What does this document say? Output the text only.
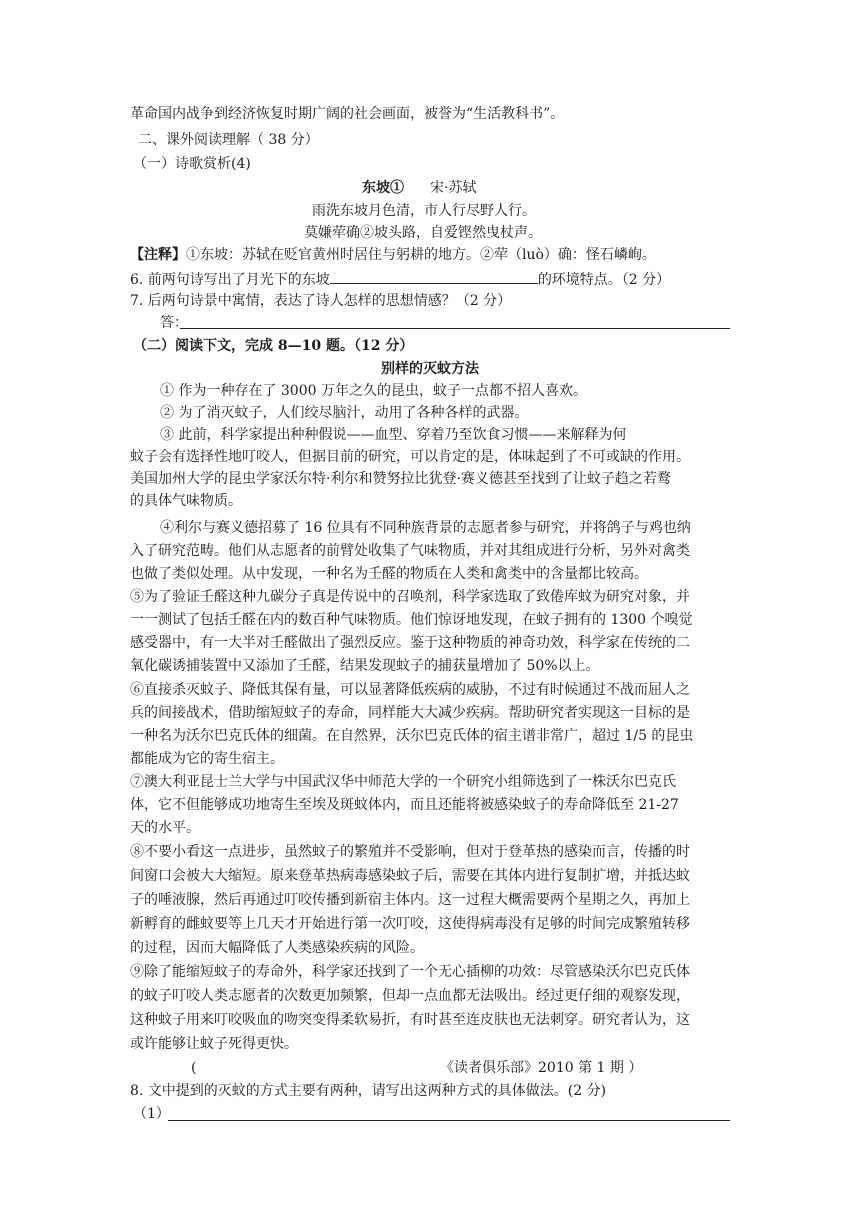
革命国内战争到经济恢复时期广阔的社会画面，被誉为“生活教科书”。
二、课外阅读理解（ 38 分）
（一）诗歌赏析(4)
东坡① 宋·苏轼
雨洗东坡月色清，市人行尽野人行。
莫嫌荦确②坡头路，自爱铿然曳杖声。
【注释】①东坡：苏轼在贬官黄州时居住与躬耕的地方。②荦（luò）确：怪石嶙峋。
6. 前两句诗写出了月光下的东坡	的环境特点。（2 分）
7. 后两句诗景中寓情，表达了诗人怎样的思想情感？（2 分）
答：
（二）阅读下文，完成 8—10 题。（12 分）
别样的灭蚊方法
① 作为一种存在了 3000 万年之久的昆虫，蚊子一点都不招人喜欢。
② 为了消灭蚊子，人们绞尽脑汁，动用了各种各样的武器。
③ 此前，科学家提出种种假说——血型、穿着乃至饮食习惯——来解释为何
蚊子会有选择性地叮咬人，但据目前的研究，可以肯定的是，体味起到了不可或缺的作用。
美国加州大学的昆虫学家沃尔特·利尔和赞努拉比犹登·赛义德甚至找到了让蚊子趋之若鹜
的具体气味物质。
④利尔与赛义德招募了 16 位具有不同种族背景的志愿者参与研究，并将鸽子与鸡也纳
入了研究范畴。他们从志愿者的前臂处收集了气味物质，并对其组成进行分析，另外对禽类
也做了类似处理。从中发现，一种名为壬醛的物质在人类和禽类中的含量都比较高。
⑤为了验证壬醛这种九碳分子真是传说中的召唤剂，科学家选取了致倦库蚊为研究对象，并
一一测试了包括壬醛在内的数百种气味物质。他们惊讶地发现，在蚊子拥有的 1300 个嗅觉
感受器中，有一大半对壬醛做出了强烈反应。鉴于这种物质的神奇功效，科学家在传统的二
氧化碳诱捕装置中又添加了壬醛，结果发现蚊子的捕获量增加了 50%以上。
⑥直接杀灭蚊子、降低其保有量，可以显著降低疾病的威胁，不过有时候通过不战而屈人之
兵的间接战术，借助缩短蚊子的寿命，同样能大大减少疾病。帮助研究者实现这一目标的是
一种名为沃尔巴克氏体的细菌。在自然界，沃尔巴克氏体的宿主谱非常广，超过 1/5 的昆虫
都能成为它的寄生宿主。
⑦澳大利亚昆士兰大学与中国武汉华中师范大学的一个研究小组筛选到了一株沃尔巴克氏
体，它不但能够成功地寄生至埃及斑蚊体内，而且还能将被感染蚊子的寿命降低至 21-27
天的水平。
⑧不要小看这一点进步，虽然蚊子的繁殖并不受影响，但对于登革热的感染而言，传播的时
间窗口会被大大缩短。原来登革热病毒感染蚊子后，需要在其体内进行复制扩增，并抵达蚊
子的唾液腺，然后再通过叮咬传播到新宿主体内。这一过程大概需要两个星期之久，再加上
新孵育的雌蚊要等上几天才开始进行第一次叮咬，这使得病毒没有足够的时间完成繁殖转移
的过程，因而大幅降低了人类感染疾病的风险。
⑨除了能缩短蚊子的寿命外，科学家还找到了一个无心插柳的功效：尽管感染沃尔巴克氏体
的蚊子叮咬人类志愿者的次数更加频繁，但却一点血都无法吸出。经过更仔细的观察发现，
这种蚊子用来叮咬吸血的吻突变得柔软易折，有时甚至连皮肤也无法刺穿。研究者认为，这
或许能够让蚊子死得更快。
(	《读者俱乐部》2010 第 1 期 ）
8. 文中提到的灭蚊的方式主要有两种，请写出这两种方式的具体做法。(2 分)
（1）
